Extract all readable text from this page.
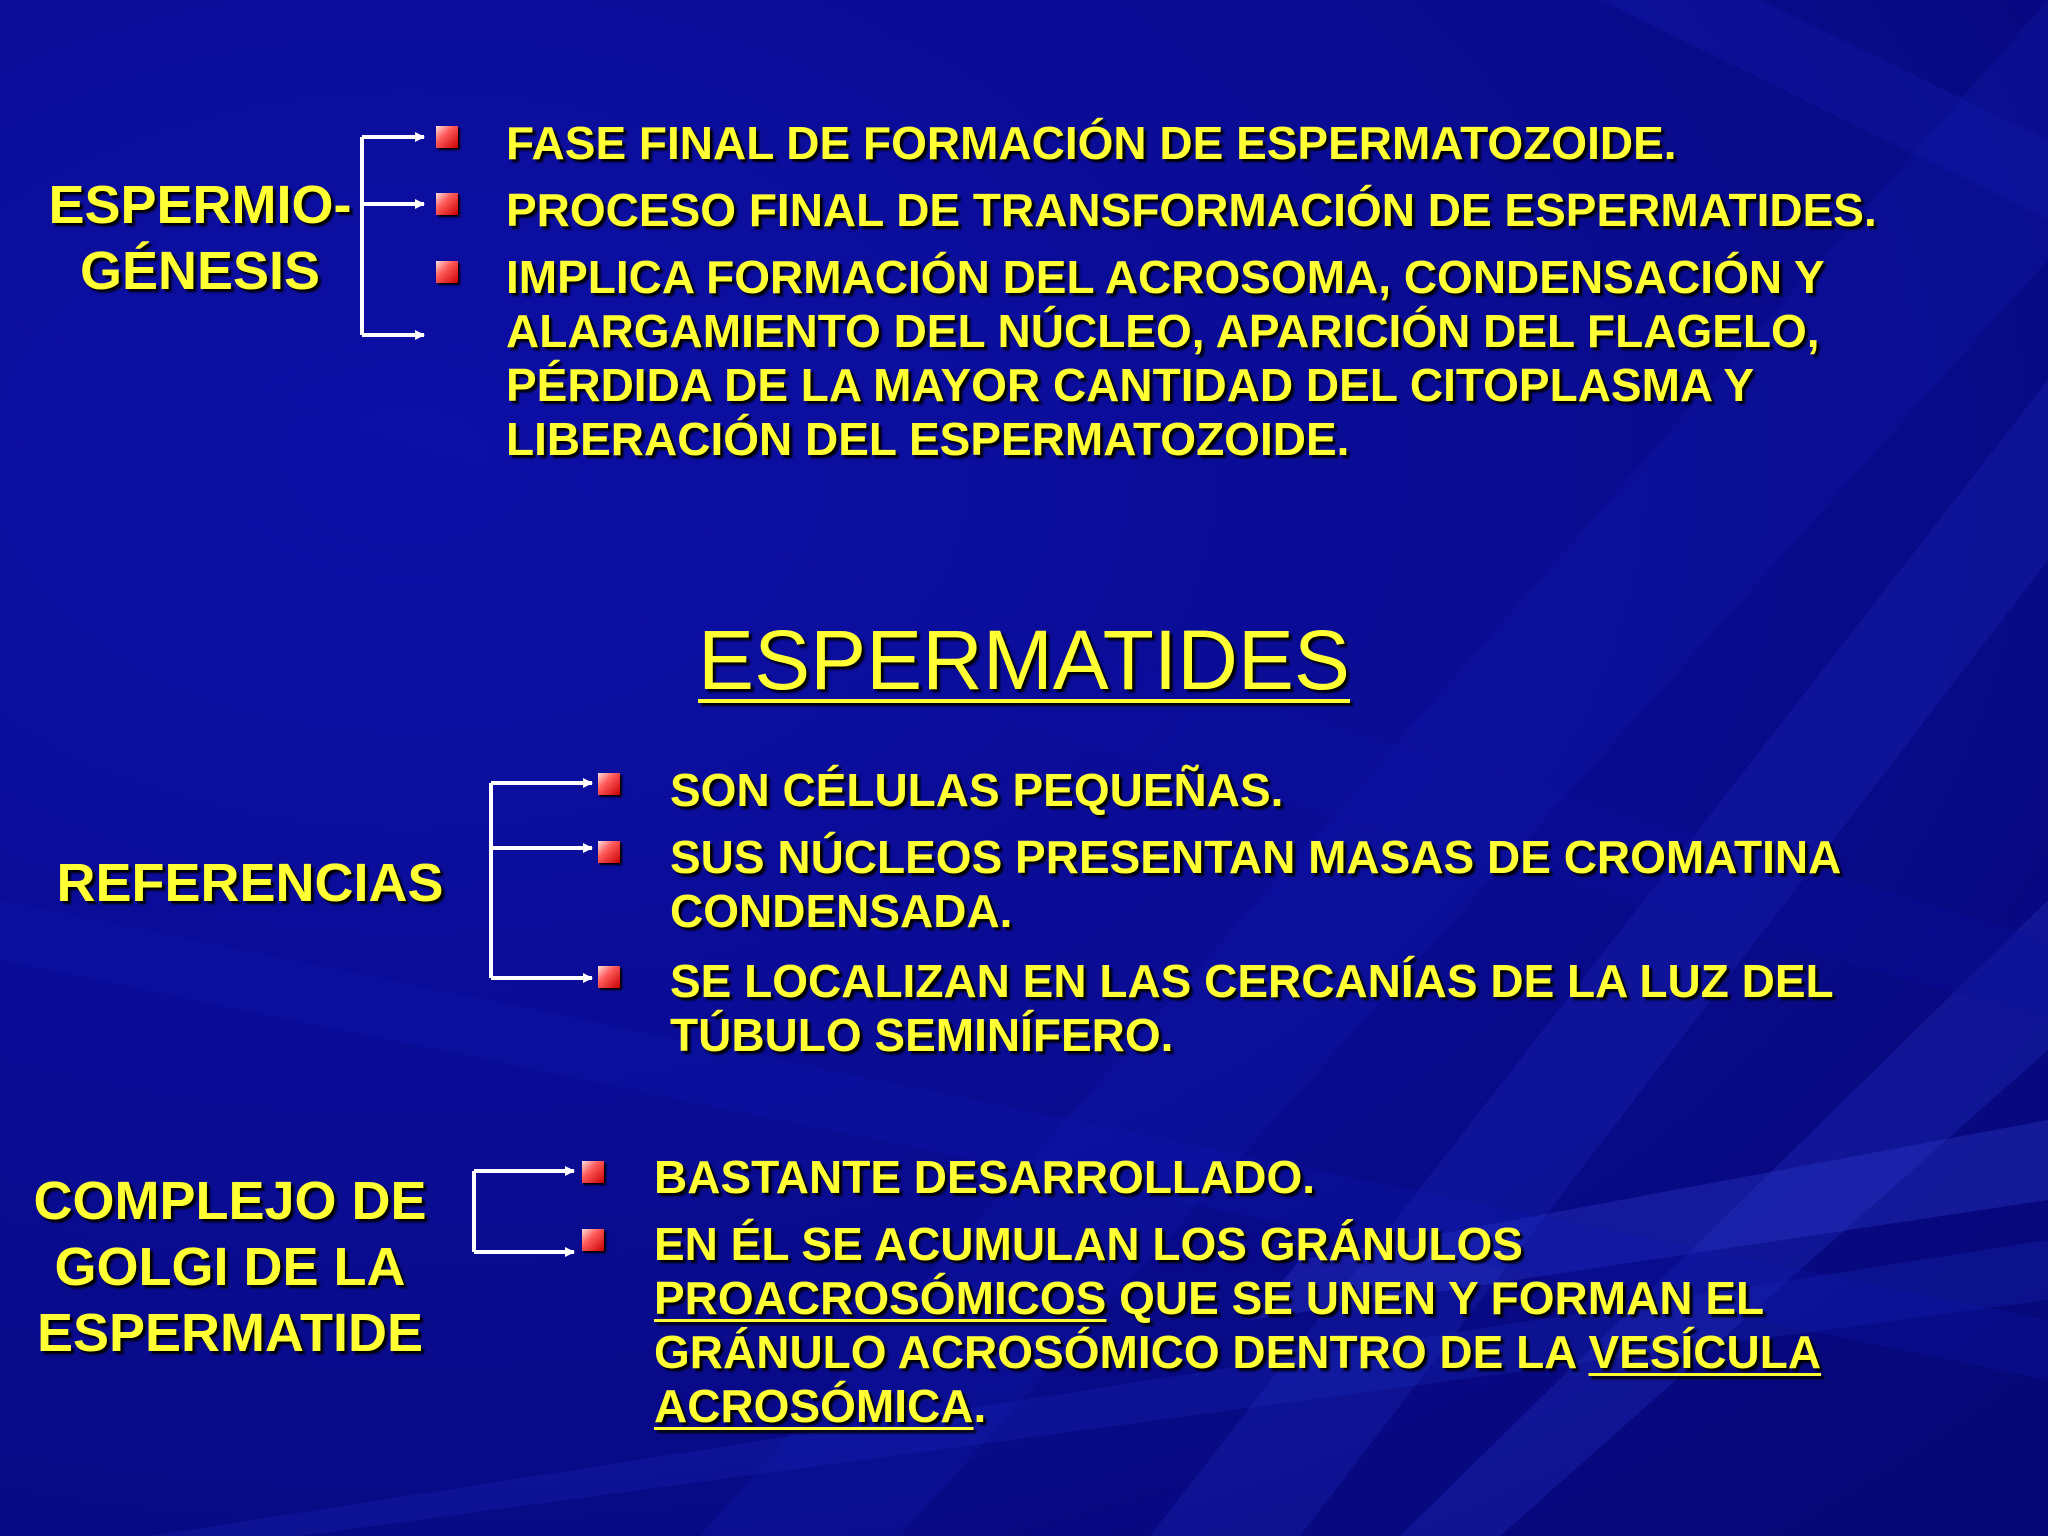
ESPERMIO-
GÉNESIS
FASE FINAL DE FORMACIÓN DE ESPERMATOZOIDE.
PROCESO FINAL DE TRANSFORMACIÓN DE ESPERMATIDES.
IMPLICA FORMACIÓN DEL ACROSOMA, CONDENSACIÓN Y
ALARGAMIENTO DEL NÚCLEO, APARICIÓN DEL FLAGELO,
PÉRDIDA DE LA MAYOR CANTIDAD DEL CITOPLASMA Y
LIBERACIÓN DEL ESPERMATOZOIDE.
ESPERMATIDES
REFERENCIAS
SON CÉLULAS PEQUEÑAS.
SUS NÚCLEOS PRESENTAN MASAS DE CROMATINA
CONDENSADA.
SE LOCALIZAN EN LAS CERCANÍAS DE LA LUZ DEL
TÚBULO SEMINÍFERO.
COMPLEJO DE
GOLGI DE LA
ESPERMATIDE
BASTANTE DESARROLLADO.
EN ÉL SE ACUMULAN LOS GRÁNULOS
PROACROSÓMICOS QUE SE UNEN Y FORMAN EL
GRÁNULO ACROSÓMICO DENTRO DE LA VESÍCULA
ACROSÓMICA.
